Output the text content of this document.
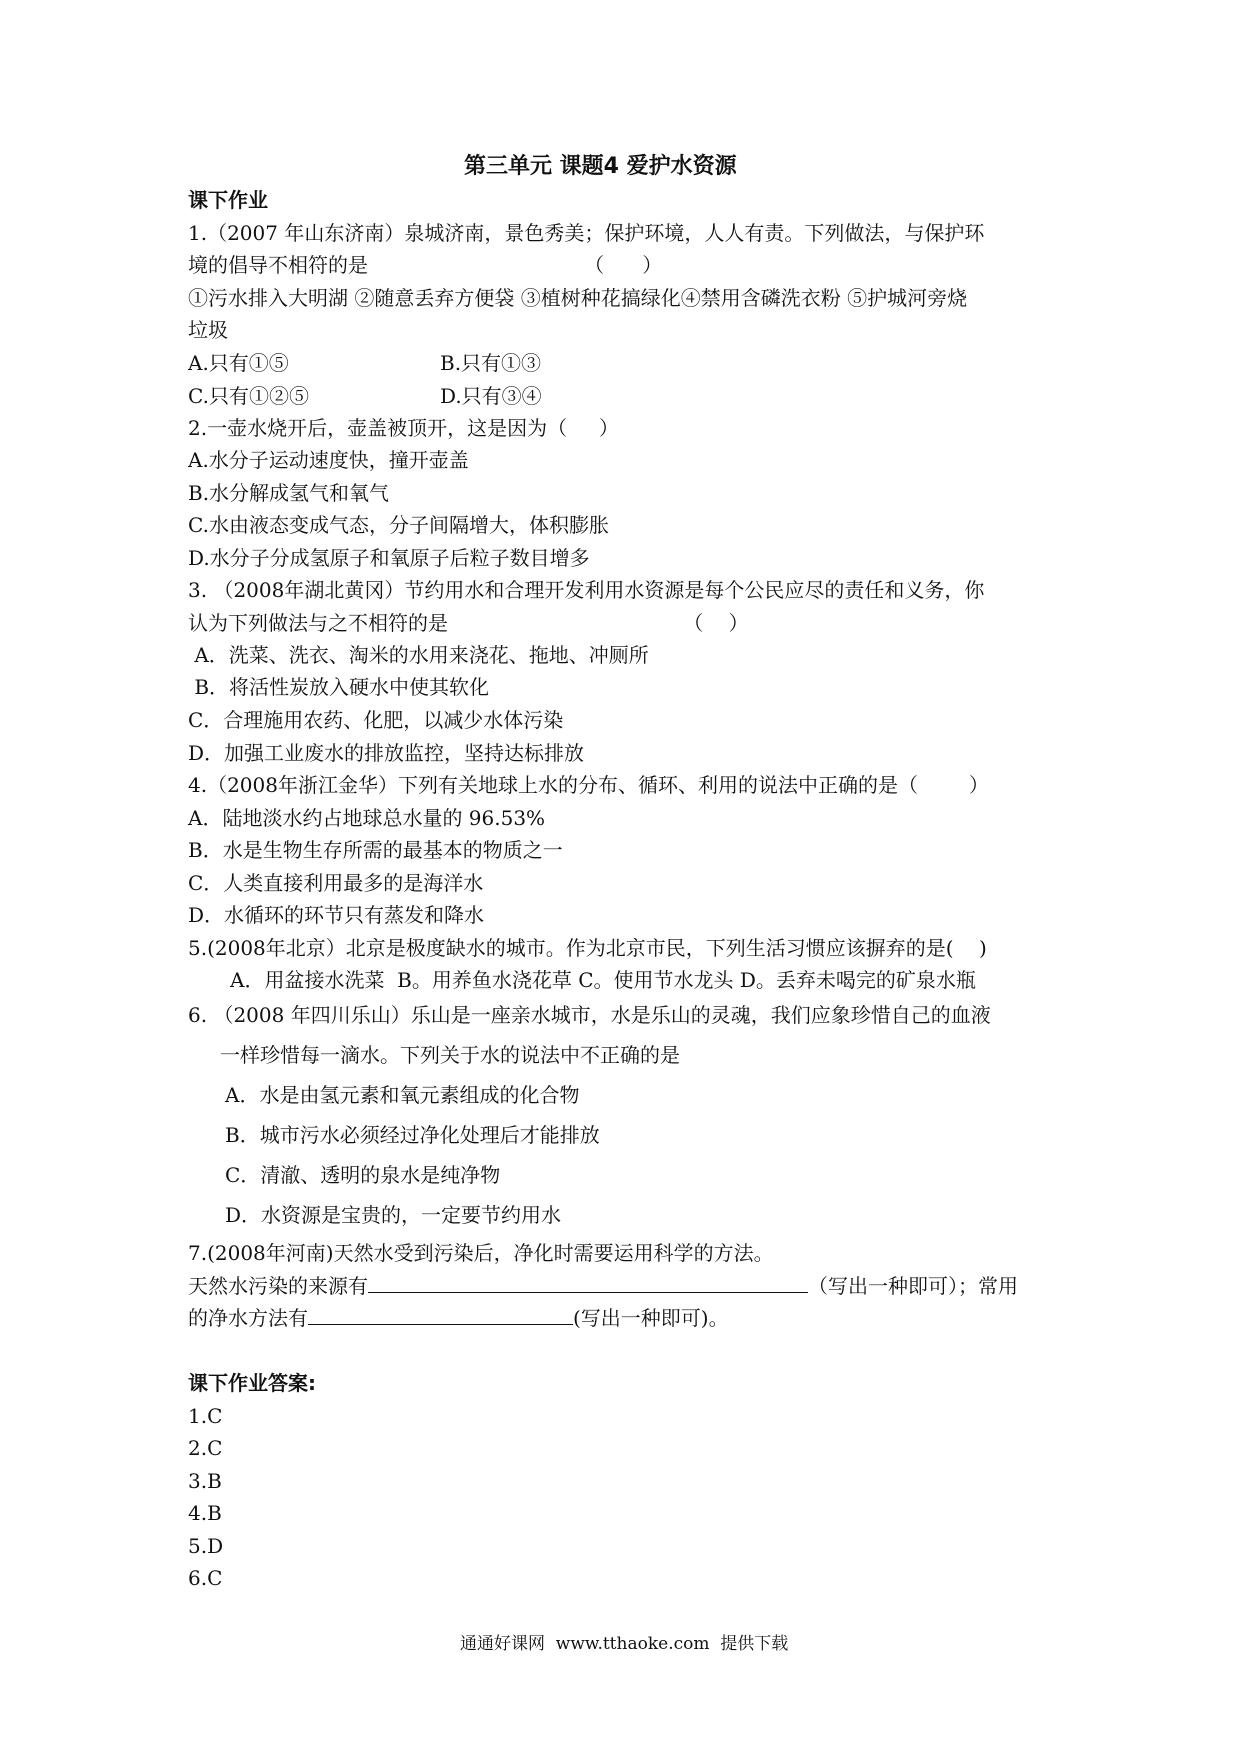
第三单元 课题4 爱护水资源
课下作业
1.（2007 年山东济南）泉城济南，景色秀美；保护环境，人人有责。下列做法，与保护环
境的倡导不相符的是                                  （      ）
①污水排入大明湖 ②随意丢弃方便袋 ③植树种花搞绿化④禁用含磷洗衣粉 ⑤护城河旁烧
垃圾
A.只有①⑤	B.只有①③
C.只有①②⑤	D.只有③④
2.一壶水烧开后，壶盖被顶开，这是因为（     ）
A.水分子运动速度快，撞开壶盖
B.水分解成氢气和氧气
C.水由液态变成气态，分子间隔增大，体积膨胀
D.水分子分成氢原子和氧原子后粒子数目增多
3. （2008年湖北黄冈）节约用水和合理开发利用水资源是每个公民应尽的责任和义务，你
认为下列做法与之不相符的是                                     （    ）
A．洗菜、洗衣、淘米的水用来浇花、拖地、冲厕所
B．将活性炭放入硬水中使其软化
C．合理施用农药、化肥，以减少水体污染
D．加强工业废水的排放监控，坚持达标排放
4.（2008年浙江金华）下列有关地球上水的分布、循环、利用的说法中正确的是（        ）
A．陆地淡水约占地球总水量的 96.53%
B．水是生物生存所需的最基本的物质之一
C．人类直接利用最多的是海洋水
D．水循环的环节只有蒸发和降水
5.(2008年北京）北京是极度缺水的城市。作为北京市民，下列生活习惯应该摒弃的是(    )
A．用盆接水洗菜  B。用养鱼水浇花草 C。使用节水龙头 D。丢弃未喝完的矿泉水瓶
6. （2008 年四川乐山）乐山是一座亲水城市，水是乐山的灵魂，我们应象珍惜自己的血液
一样珍惜每一滴水。下列关于水的说法中不正确的是
A．水是由氢元素和氧元素组成的化合物
B．城市污水必须经过净化处理后才能排放
C．清澈、透明的泉水是纯净物
D．水资源是宝贵的，一定要节约用水
7.(2008年河南)天然水受到污染后，净化时需要运用科学的方法。
天然水污染的来源有	（写出一种即可）；常用
的净水方法有	(写出一种即可)。
课下作业答案:
1.C
2.C
3.B
4.B
5.D
6.C
通通好课网  www.tthaoke.com  提供下载
